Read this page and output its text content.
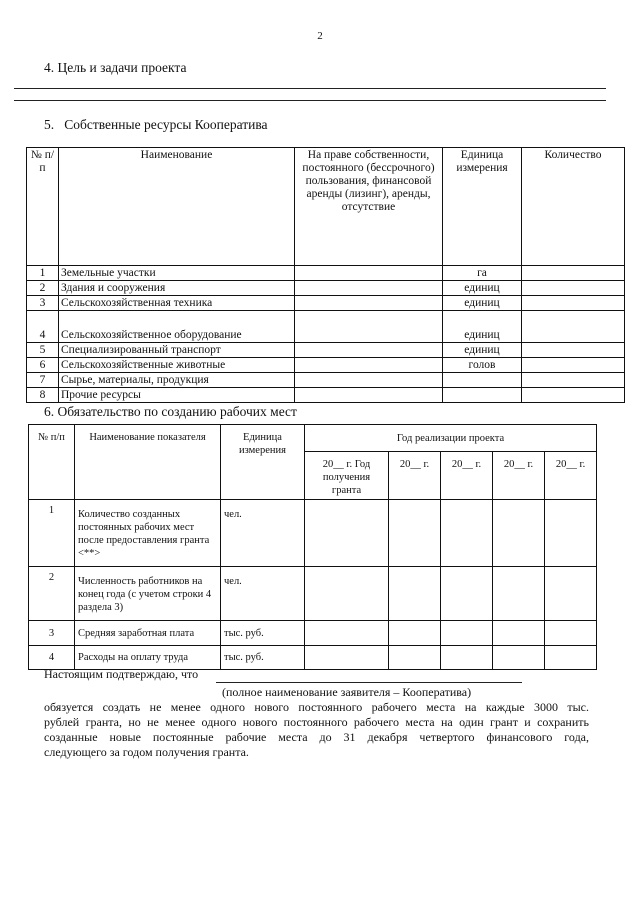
2
4. Цель и задачи проекта
5.   Собственные ресурсы Кооператива
№ п/п	Наименование	На праве собственности, постоянного (бессрочного) пользования, финансовой аренды (лизинг), аренды, отсутствие	Единица измерения	Количество
1	Земельные участки		га	
2	Здания и сооружения		единиц	
3	Сельскохозяйственная техника		единиц	
4	Сельскохозяйственное оборудование		единиц	
5	Специализированный транспорт		единиц	
6	Сельскохозяйственные животные		голов	
7	Сырье, материалы, продукция			
8	Прочие ресурсы			
6. Обязательство по созданию рабочих мест
№ п/п	Наименование показателя	Единица измерения	Год реализации проекта				
			20__ г. Год получения гранта	20__ г.	20__ г.	20__ г.	20__ г.
1	Количество созданных постоянных рабочих мест после предоставления гранта <**>	чел.					
2	Численность работников на конец года (с учетом строки 4 раздела 3)	чел.					
3	Средняя заработная плата	тыс. руб.					
4	Расходы на оплату труда	тыс. руб.					
Настоящим подтверждаю, что
(полное наименование заявителя – Кооператива)
обязуется создать не менее одного нового постоянного рабочего места на каждые 3000 тыс.
рублей гранта, но не менее одного нового постоянного рабочего места на один грант и сохранить
созданные новые постоянные рабочие места до 31 декабря четвертого финансового года,
следующего за годом получения гранта.
